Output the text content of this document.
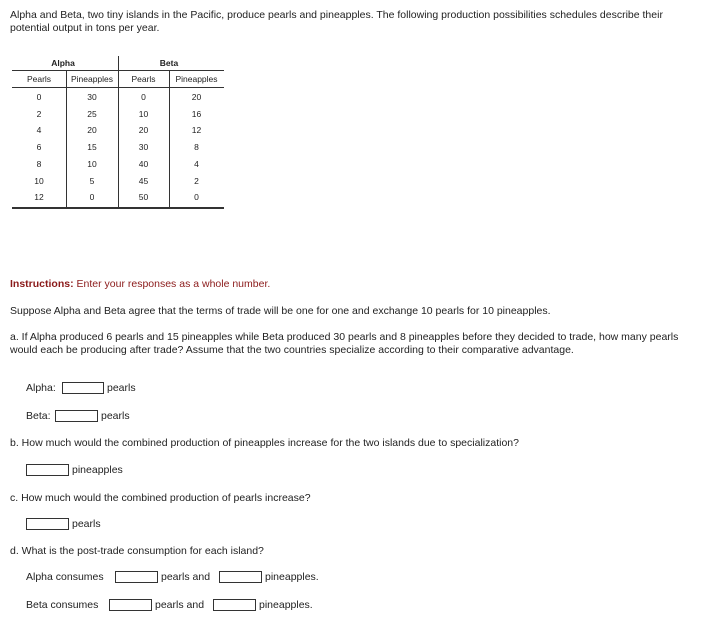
Alpha and Beta, two tiny islands in the Pacific, produce pearls and pineapples. The following production possibilities schedules describe their potential output in tons per year.
Alpha	Beta
Pearls	Pineapples	Pearls	Pineapples
0	30	0	20
2	25	10	16
4	20	20	12
6	15	30	8
8	10	40	4
10	5	45	2
12	0	50	0
Instructions: Enter your responses as a whole number.
Suppose Alpha and Beta agree that the terms of trade will be one for one and exchange 10 pearls for 10 pineapples.
a. If Alpha produced 6 pearls and 15 pineapples while Beta produced 30 pearls and 8 pineapples before they decided to trade, how many pearls would each be producing after trade? Assume that the two countries specialize according to their comparative advantage.
Alpha:	pearls
Beta:	pearls
b. How much would the combined production of pineapples increase for the two islands due to specialization?
pineapples
c. How much would the combined production of pearls increase?
pearls
d. What is the post-trade consumption for each island?
Alpha consumes	pearls and	pineapples.
Beta consumes	pearls and	pineapples.
